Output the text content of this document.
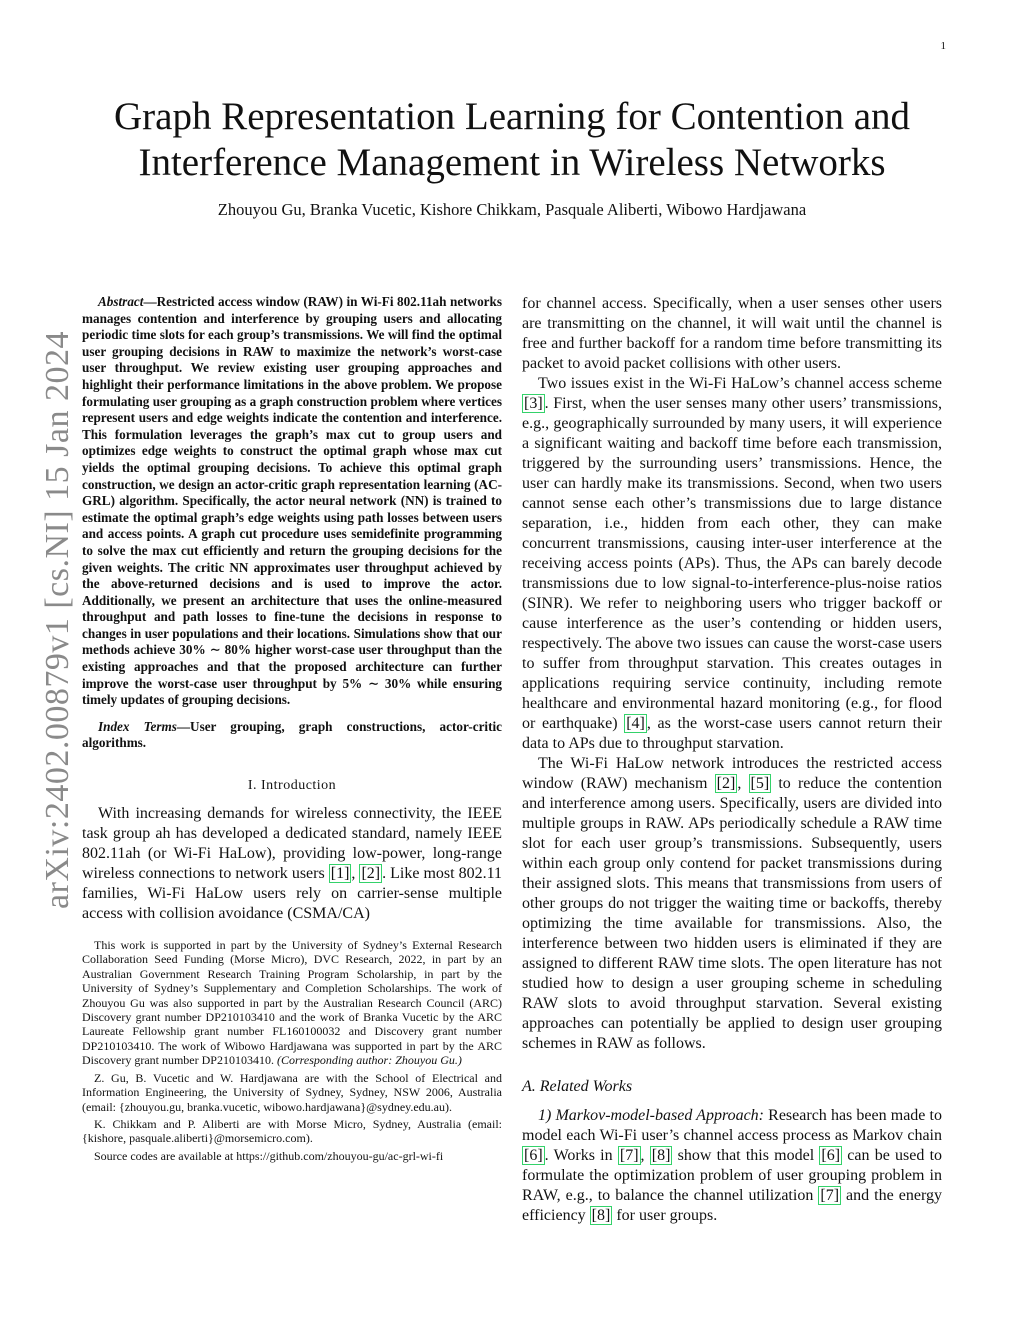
1
arXiv:2402.00879v1 [cs.NI] 15 Jan 2024
Graph Representation Learning for Contention and
Interference Management in Wireless Networks
Zhouyou Gu, Branka Vucetic, Kishore Chikkam, Pasquale Aliberti, Wibowo Hardjawana

Abstract—Restricted access window (RAW) in Wi-Fi 802.11ah networks manages contention and interference by grouping users and allocating periodic time slots for each group’s transmissions. We will find the optimal user grouping decisions in RAW to maximize the network’s worst-case user throughput. We review existing user grouping approaches and highlight their performance limitations in the above problem. We propose formulating user grouping as a graph construction problem where vertices represent users and edge weights indicate the contention and interference. This formulation leverages the graph’s max cut to group users and optimizes edge weights to construct the optimal graph whose max cut yields the optimal grouping decisions. To achieve this optimal graph construction, we design an actor-critic graph representation learning (AC-GRL) algorithm. Specifically, the actor neural network (NN) is trained to estimate the optimal graph’s edge weights using path losses between users and access points. A graph cut procedure uses semidefinite programming to solve the max cut efficiently and return the grouping decisions for the given weights. The critic NN approximates user throughput achieved by the above-returned decisions and is used to improve the actor. Additionally, we present an architecture that uses the online-measured throughput and path losses to fine-tune the decisions in response to changes in user populations and their locations. Simulations show that our methods achieve 30% ∼ 80% higher worst-case user throughput than the existing approaches and that the proposed architecture can further improve the worst-case user throughput by 5% ∼ 30% while ensuring timely updates of grouping decisions.

Index Terms—User grouping, graph constructions, actor-critic algorithms.

I. Introduction

With increasing demands for wireless connectivity, the IEEE task group ah has developed a dedicated standard, namely IEEE 802.11ah (or Wi-Fi HaLow), providing low-power, long-range wireless connections to network users [1] , [2] . Like most 802.11 families, Wi-Fi HaLow users rely on carrier-sense multiple access with collision avoidance (CSMA/CA)

This work is supported in part by the University of Sydney’s External Research Collaboration Seed Funding (Morse Micro), DVC Research, 2022, in part by an Australian Government Research Training Program Scholarship, in part by the University of Sydney’s Supplementary and Completion Scholarships. The work of Zhouyou Gu was also supported in part by the Australian Research Council (ARC) Discovery grant number DP210103410 and the work of Branka Vucetic by the ARC Laureate Fellowship grant number FL160100032 and Discovery grant number DP210103410. The work of Wibowo Hardjawana was supported in part by the ARC Discovery grant number DP210103410. (Corresponding author: Zhouyou Gu.)

Z. Gu, B. Vucetic and W. Hardjawana are with the School of Electrical and Information Engineering, the University of Sydney, Sydney, NSW 2006, Australia (email: {zhouyou.gu, branka.vucetic, wibowo.hardjawana}@sydney.edu.au).

K. Chikkam and P. Aliberti are with Morse Micro, Sydney, Australia (email: {kishore, pasquale.aliberti}@morsemicro.com).

Source codes are available at https://github.com/zhouyou-gu/ac-grl-wi-fi

for channel access. Specifically, when a user senses other users are transmitting on the channel, it will wait until the channel is free and further backoff for a random time before transmitting its packet to avoid packet collisions with other users.

Two issues exist in the Wi-Fi HaLow’s channel access scheme [3] . First, when the user senses many other users’ transmissions, e.g., geographically surrounded by many users, it will experience a significant waiting and backoff time before each transmission, triggered by the surrounding users’ transmissions. Hence, the user can hardly make its transmissions. Second, when two users cannot sense each other’s transmissions due to large distance separation, i.e., hidden from each other, they can make concurrent transmissions, causing inter-user interference at the receiving access points (APs). Thus, the APs can barely decode transmissions due to low signal-to-interference-plus-noise ratios (SINR). We refer to neighboring users who trigger backoff or cause interference as the user’s contending or hidden users, respectively. The above two issues can cause the worst-case users to suffer from throughput starvation. This creates outages in applications requiring service continuity, including remote healthcare and environmental hazard monitoring (e.g., for flood or earthquake) [4] , as the worst-case users cannot return their data to APs due to throughput starvation.

The Wi-Fi HaLow network introduces the restricted access window (RAW) mechanism [2] , [5] to reduce the contention and interference among users. Specifically, users are divided into multiple groups in RAW. APs periodically schedule a RAW time slot for each user group’s transmissions. Subsequently, users within each group only contend for packet transmissions during their assigned slots. This means that transmissions from users of other groups do not trigger the waiting time or backoffs, thereby optimizing the time available for transmissions. Also, the interference between two hidden users is eliminated if they are assigned to different RAW time slots. The open literature has not studied how to design a user grouping scheme in scheduling RAW slots to avoid throughput starvation. Several existing approaches can potentially be applied to design user grouping schemes in RAW as follows.

A. Related Works

1) Markov-model-based Approach: Research has been made to model each Wi-Fi user’s channel access process as Markov chain [6] . Works in [7] , [8] show that this model [6] can be used to formulate the optimization problem of user grouping problem in RAW, e.g., to balance the channel utilization [7] and the energy efficiency [8] for user groups.
